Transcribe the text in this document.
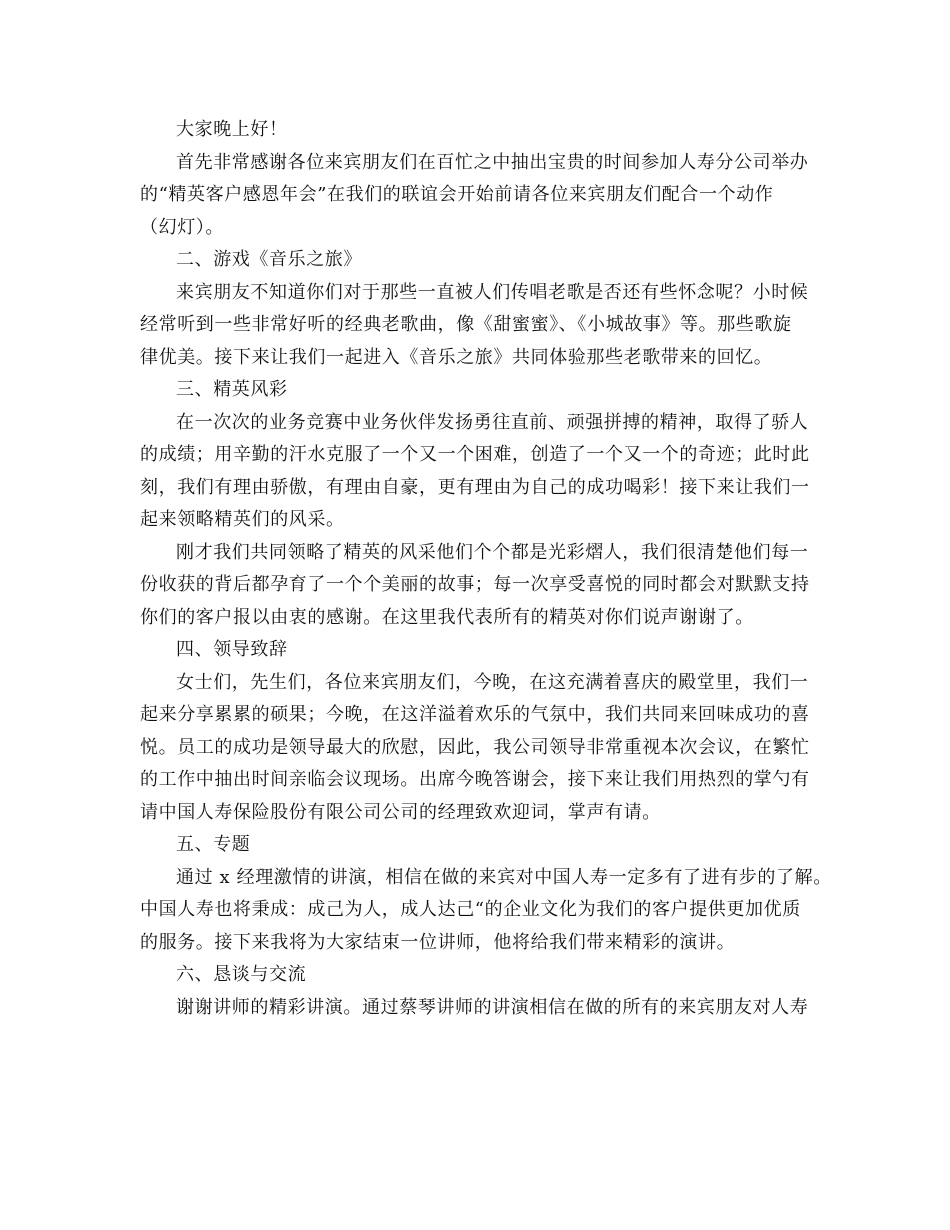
大家晚上好！
首先非常感谢各位来宾朋友们在百忙之中抽出宝贵的时间参加人寿分公司举办
的“精英客户感恩年会”在我们的联谊会开始前请各位来宾朋友们配合一个动作
（幻灯）。
二、游戏《音乐之旅》
来宾朋友不知道你们对于那些一直被人们传唱老歌是否还有些怀念呢？小时候
经常听到一些非常好听的经典老歌曲，像《甜蜜蜜》、《小城故事》等。那些歌旋
律优美。接下来让我们一起进入《音乐之旅》共同体验那些老歌带来的回忆。
三、精英风彩
在一次次的业务竞赛中业务伙伴发扬勇往直前、顽强拼搏的精神，取得了骄人
的成绩；用辛勤的汗水克服了一个又一个困难，创造了一个又一个的奇迹；此时此
刻，我们有理由骄傲，有理由自豪，更有理由为自己的成功喝彩！接下来让我们一
起来领略精英们的风采。
刚才我们共同领略了精英的风采他们个个都是光彩熠人，我们很清楚他们每一
份收获的背后都孕育了一个个美丽的故事；每一次享受喜悦的同时都会对默默支持
你们的客户报以由衷的感谢。在这里我代表所有的精英对你们说声谢谢了。
四、领导致辞
女士们，先生们，各位来宾朋友们，今晚，在这充满着喜庆的殿堂里，我们一
起来分享累累的硕果；今晚，在这洋溢着欢乐的气氛中，我们共同来回味成功的喜
悦。员工的成功是领导最大的欣慰，因此，我公司领导非常重视本次会议，在繁忙
的工作中抽出时间亲临会议现场。出席今晚答谢会，接下来让我们用热烈的掌勺有
请中国人寿保险股份有限公司公司的经理致欢迎词，掌声有请。
五、专题
通过 x 经理激情的讲演，相信在做的来宾对中国人寿一定多有了进有步的了解。
中国人寿也将秉成：成己为人，成人达己“的企业文化为我们的客户提供更加优质
的服务。接下来我将为大家结束一位讲师，他将给我们带来精彩的演讲。
六、恳谈与交流
谢谢讲师的精彩讲演。通过蔡琴讲师的讲演相信在做的所有的来宾朋友对人寿
